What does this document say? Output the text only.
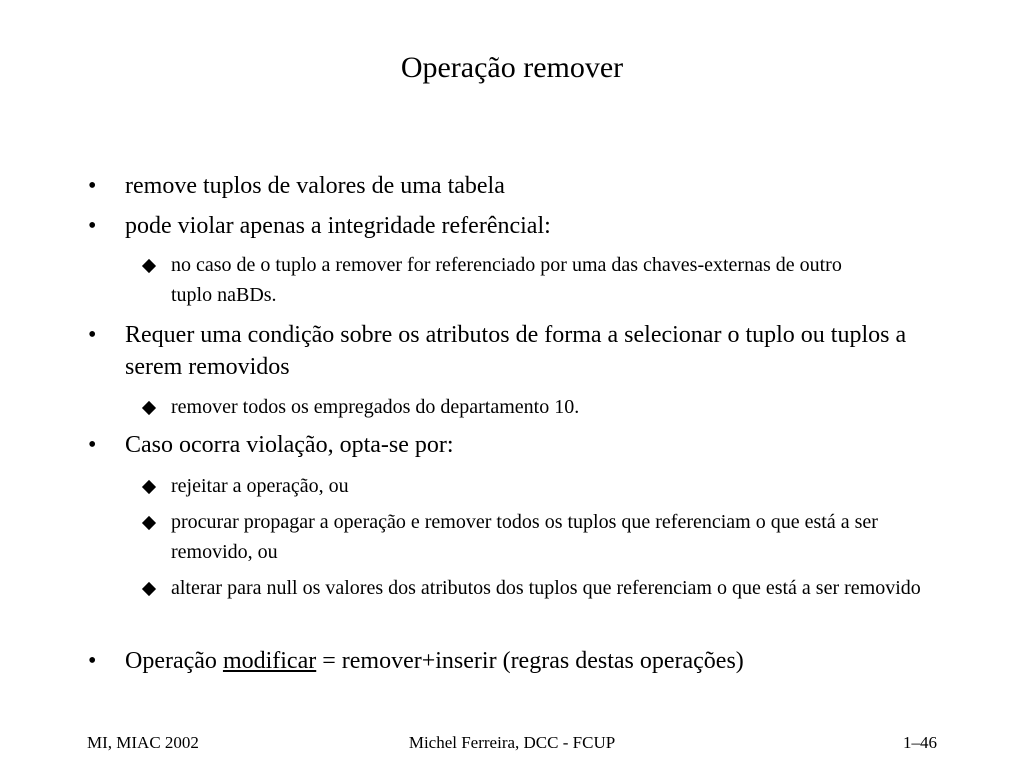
Operação remover
• remove tuplos de valores de uma tabela
• pode violar apenas a integridade referêncial:
no caso de o tuplo a remover for referenciado por uma das chaves-externas de outro tuplo naBDs.
• Requer uma condição sobre os atributos de forma a selecionar o tuplo ou tuplos a serem removidos
remover todos os empregados do departamento 10.
• Caso ocorra violação, opta-se por:
rejeitar a operação, ou
procurar propagar a operação e remover todos os tuplos que referenciam o que está a ser removido, ou
alterar para null os valores dos atributos dos tuplos que referenciam o que está a ser removido
• Operação modificar = remover+inserir (regras destas operações)
MI, MIAC 2002	Michel Ferreira, DCC - FCUP	1–46
